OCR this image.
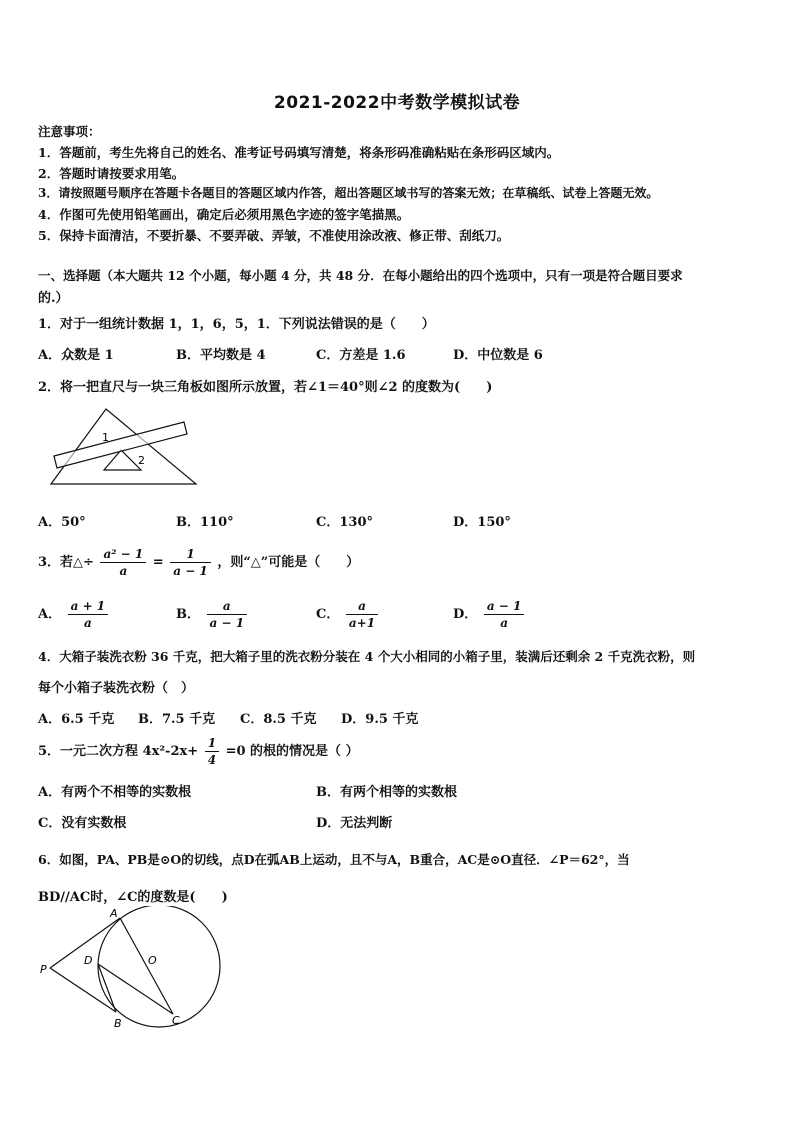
2021-2022中考数学模拟试卷
注意事项：
1．答题前，考生先将自己的姓名、准考证号码填写清楚，将条形码准确粘贴在条形码区域内。
2．答题时请按要求用笔。
3．请按照题号顺序在答题卡各题目的答题区域内作答，超出答题区域书写的答案无效；在草稿纸、试卷上答题无效。
4．作图可先使用铅笔画出，确定后必须用黑色字迹的签字笔描黑。
5．保持卡面清洁，不要折暴、不要弄破、弄皱，不准使用涂改液、修正带、刮纸刀。
一、选择题（本大题共 12 个小题，每小题 4 分，共 48 分．在每小题给出的四个选项中，只有一项是符合题目要求
的.）
1．对于一组统计数据 1，1，6，5，1．下列说法错误的是（　　）
A．众数是 1	B．平均数是 4	C．方差是 1.6	D．中位数是 6
2．将一把直尺与一块三角板如图所示放置，若∠1＝40°则∠2 的度数为(　　)
1
2
A．50°	B．110°	C．130°	D．150°
3．若△÷ $\frac{\text{a² − 1}}{a} = \frac{1}{a - 1}$ ，则“△”可能是（　　）
A． $\frac{a + 1}{a}$	B． $\frac{a}{a - 1}$	C． $\frac{a}{a+1}$	D． $\frac{a - 1}{a}$
4．大箱子装洗衣粉 36 千克，把大箱子里的洗衣粉分装在 4 个大小相同的小箱子里，装满后还剩余 2 千克洗衣粉，则
每个小箱子装洗衣粉（　）
A．6.5 千克 B．7.5 千克 C．8.5 千克 D．9.5 千克
5．一元二次方程 $4x^2-2x+ \frac{1}{4} =0$ 的根的情况是（ ）
A．有两个不相等的实数根	B．有两个相等的实数根
C．没有实数根	D．无法判断
6．如图，PA、PB是⊙O的切线，点D在弧AB上运动，且不与A，B重合，AC是⊙O直径．∠P＝62°，当
BD//AC时，∠C的度数是(　　)
A
O
P
D
B	C
